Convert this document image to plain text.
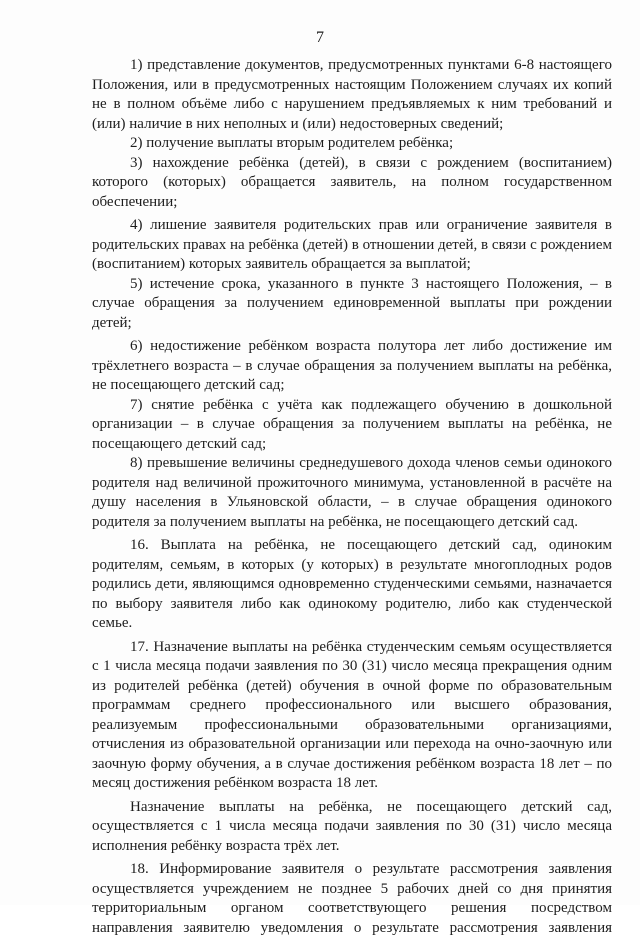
7

1) представление документов, предусмотренных пунктами 6-8 настоящего Положения, или в предусмотренных настоящим Положением случаях их копий не в полном объёме либо с нарушением предъявляемых к ним требований и (или) наличие в них неполных и (или) недостоверных сведений;

2) получение выплаты вторым родителем ребёнка;

3) нахождение ребёнка (детей), в связи с рождением (воспитанием) которого (которых) обращается заявитель, на полном государственном обеспечении;

4) лишение заявителя родительских прав или ограничение заявителя в родительских правах на ребёнка (детей) в отношении детей, в связи с рождением (воспитанием) которых заявитель обращается за выплатой;

5) истечение срока, указанного в пункте 3 настоящего Положения, – в случае обращения за получением единовременной выплаты при рождении детей;

6) недостижение ребёнком возраста полутора лет либо достижение им трёхлетнего возраста – в случае обращения за получением выплаты на ребёнка, не посещающего детский сад;

7) снятие ребёнка с учёта как подлежащего обучению в дошкольной организации – в случае обращения за получением выплаты на ребёнка, не посещающего детский сад;

8) превышение величины среднедушевого дохода членов семьи одинокого родителя над величиной прожиточного минимума, установленной в расчёте на душу населения в Ульяновской области, – в случае обращения одинокого родителя за получением выплаты на ребёнка, не посещающего детский сад.

16. Выплата на ребёнка, не посещающего детский сад, одиноким родителям, семьям, в которых (у которых) в результате многоплодных родов родились дети, являющимся одновременно студенческими семьями, назначается по выбору заявителя либо как одинокому родителю, либо как студенческой семье.

17. Назначение выплаты на ребёнка студенческим семьям осуществляется с 1 числа месяца подачи заявления по 30 (31) число месяца прекращения одним из родителей ребёнка (детей) обучения в очной форме по образовательным программам среднего профессионального или высшего образования, реализуемым профессиональными образовательными организациями, отчисления из образовательной организации или перехода на очно-заочную или заочную форму обучения, а в случае достижения ребёнком возраста 18 лет – по месяц достижения ребёнком возраста 18 лет.

Назначение выплаты на ребёнка, не посещающего детский сад, осуществляется с 1 числа месяца подачи заявления по 30 (31) число месяца исполнения ребёнку возраста трёх лет.

18. Информирование заявителя о результате рассмотрения заявления осуществляется учреждением не позднее 5 рабочих дней со дня принятия территориальным органом соответствующего решения посредством направления заявителю уведомления о результате рассмотрения заявления
